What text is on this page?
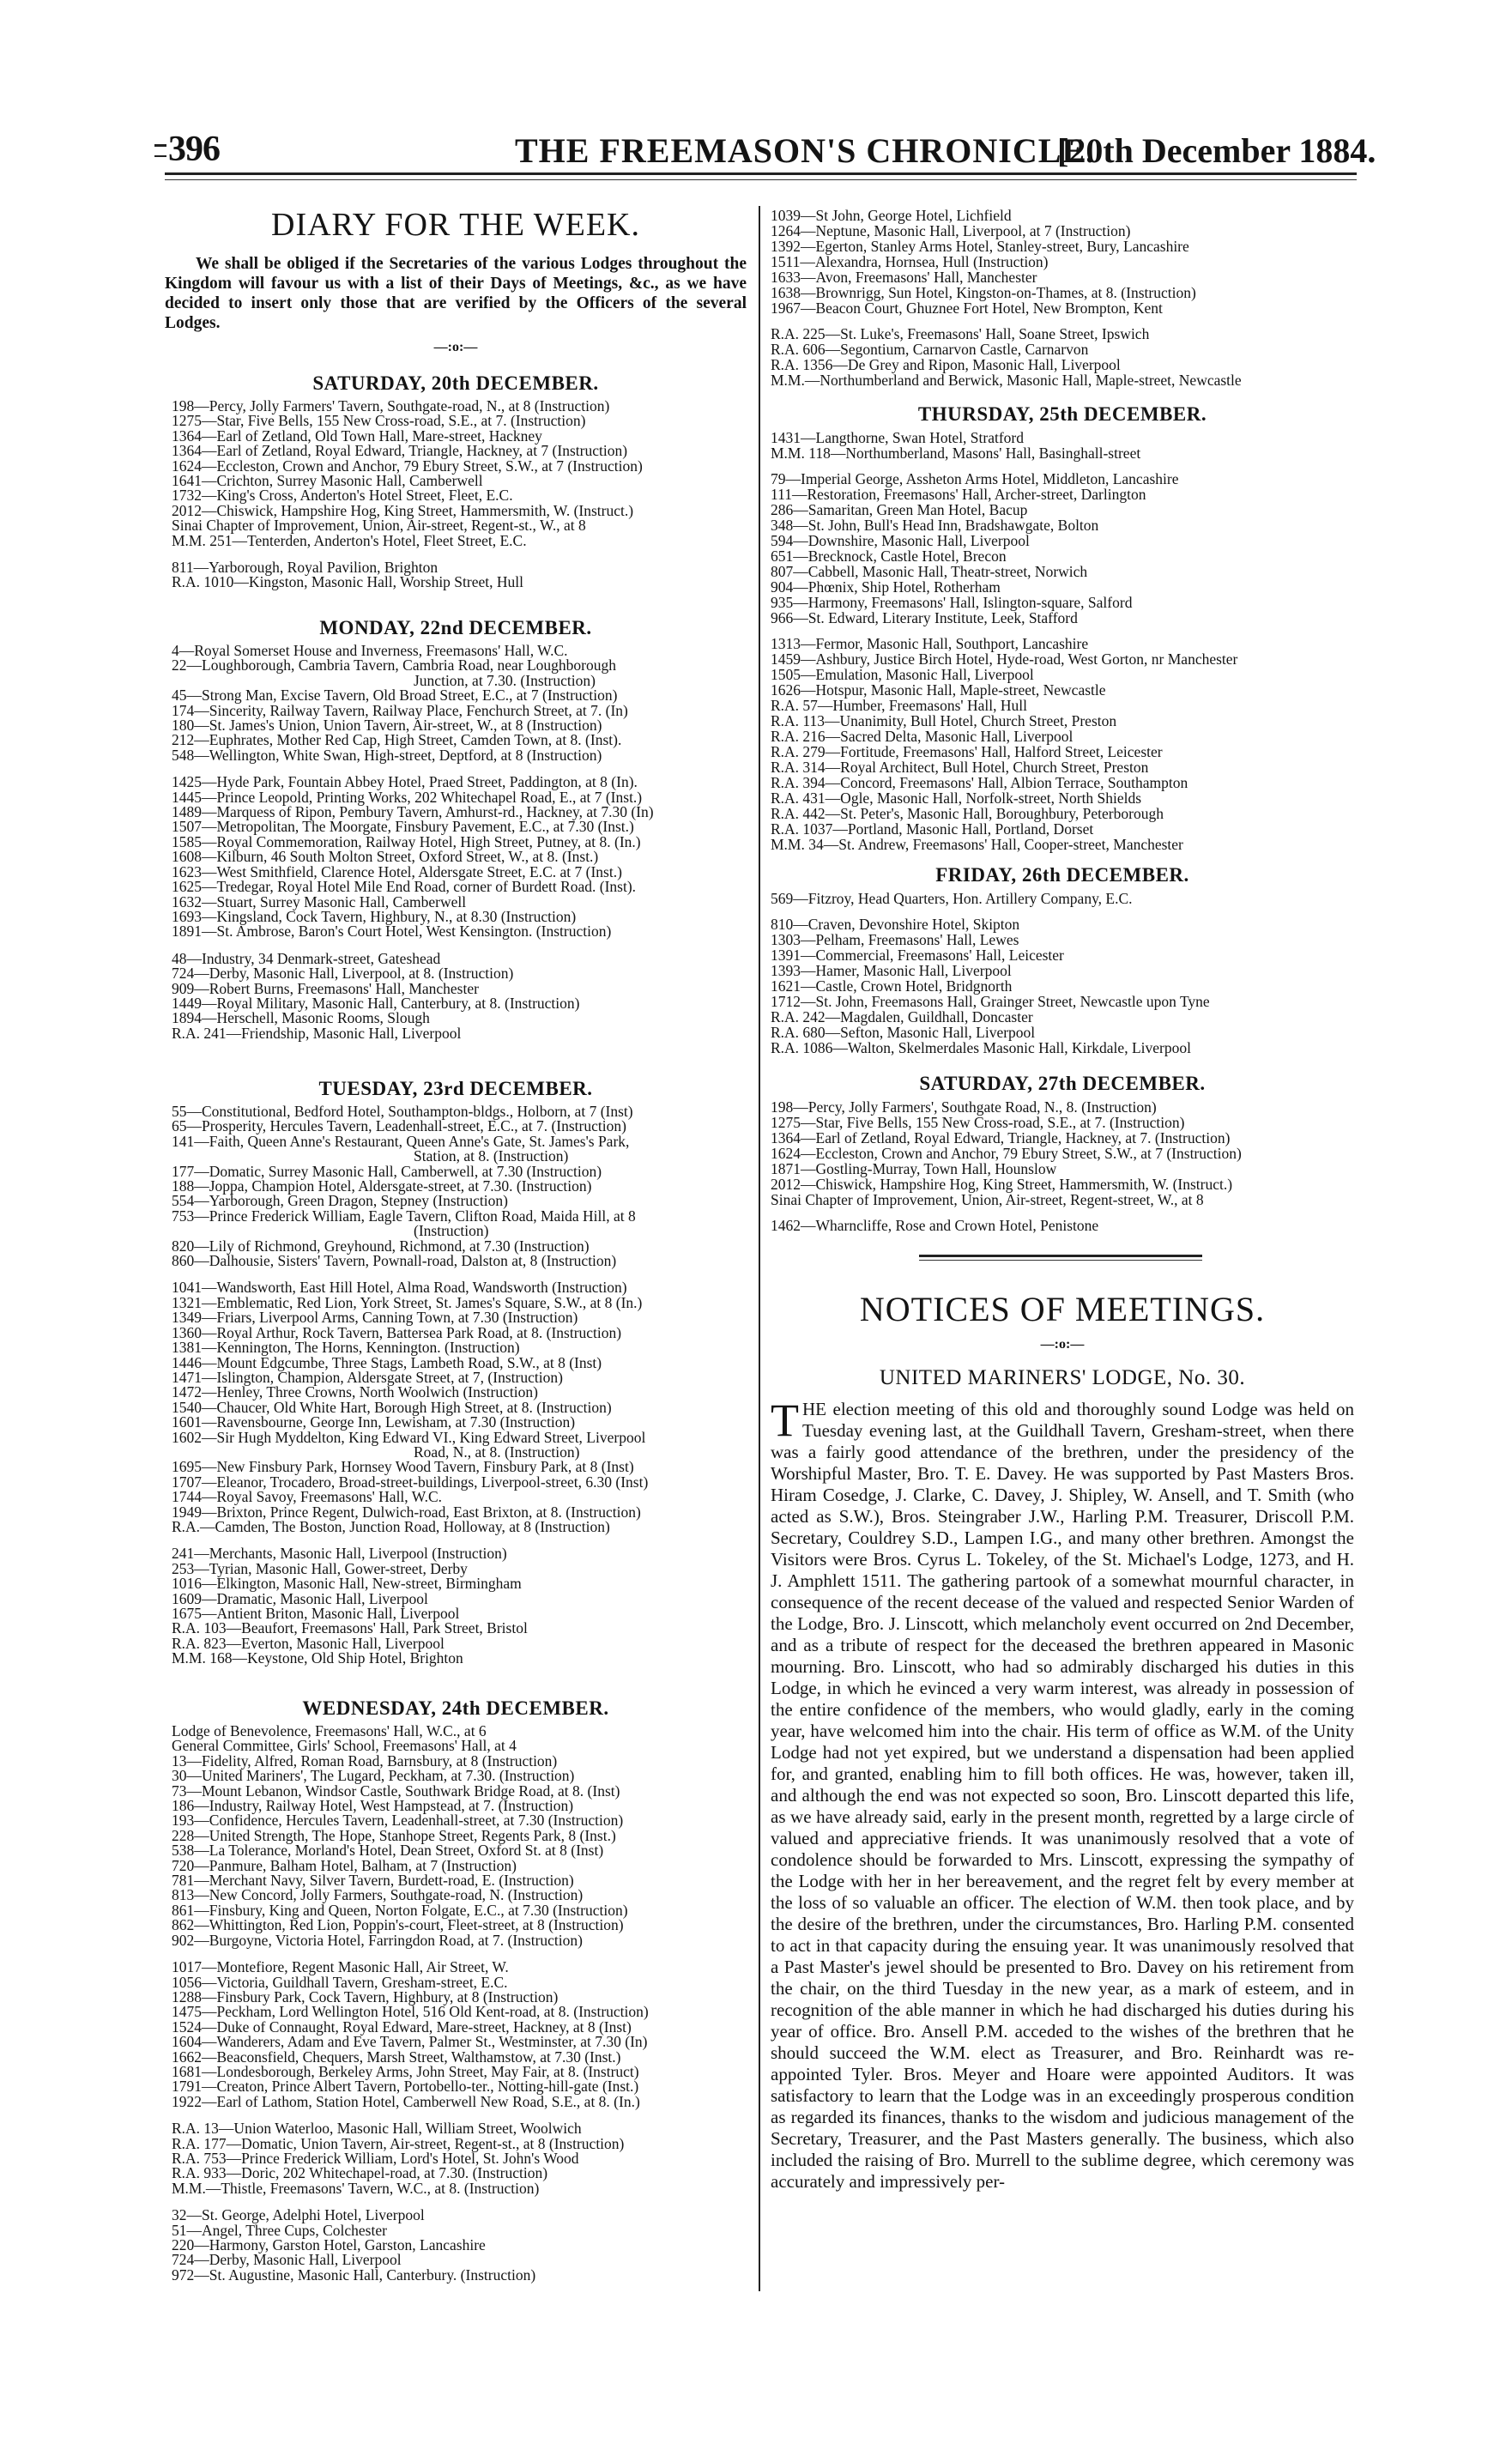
396	THE FREEMASON'S CHRONICLE.
[20th December 1884.
DIARY FOR THE WEEK.
We shall be obliged if the Secretaries of the various Lodges throughout the Kingdom will favour us with a list of their Days of Meetings, &c., as we have decided to insert only those that are verified by the Officers of the several Lodges.
—:o:—
SATURDAY, 20th DECEMBER.
198—Percy, Jolly Farmers' Tavern, Southgate-road, N., at 8 (Instruction)
1275—Star, Five Bells, 155 New Cross-road, S.E., at 7. (Instruction)
1364—Earl of Zetland, Old Town Hall, Mare-street, Hackney
1364—Earl of Zetland, Royal Edward, Triangle, Hackney, at 7 (Instruction)
1624—Eccleston, Crown and Anchor, 79 Ebury Street, S.W., at 7 (Instruction)
1641—Crichton, Surrey Masonic Hall, Camberwell
1732—King's Cross, Anderton's Hotel Street, Fleet, E.C.
2012—Chiswick, Hampshire Hog, King Street, Hammersmith, W. (Instruct.)
Sinai Chapter of Improvement, Union, Air-street, Regent-st., W., at 8
M.M. 251—Tenterden, Anderton's Hotel, Fleet Street, E.C.
811—Yarborough, Royal Pavilion, Brighton
R.A. 1010—Kingston, Masonic Hall, Worship Street, Hull
MONDAY, 22nd DECEMBER.
4—Royal Somerset House and Inverness, Freemasons' Hall, W.C.
22—Loughborough, Cambria Tavern, Cambria Road, near Loughborough
Junction, at 7.30. (Instruction)
45—Strong Man, Excise Tavern, Old Broad Street, E.C., at 7 (Instruction)
174—Sincerity, Railway Tavern, Railway Place, Fenchurch Street, at 7. (In)
180—St. James's Union, Union Tavern, Air-street, W., at 8 (Instruction)
212—Euphrates, Mother Red Cap, High Street, Camden Town, at 8. (Inst).
548—Wellington, White Swan, High-street, Deptford, at 8 (Instruction)
1425—Hyde Park, Fountain Abbey Hotel, Praed Street, Paddington, at 8 (In).
1445—Prince Leopold, Printing Works, 202 Whitechapel Road, E., at 7 (Inst.)
1489—Marquess of Ripon, Pembury Tavern, Amhurst-rd., Hackney, at 7.30 (In)
1507—Metropolitan, The Moorgate, Finsbury Pavement, E.C., at 7.30 (Inst.)
1585—Royal Commemoration, Railway Hotel, High Street, Putney, at 8. (In.)
1608—Kilburn, 46 South Molton Street, Oxford Street, W., at 8. (Inst.)
1623—West Smithfield, Clarence Hotel, Aldersgate Street, E.C. at 7 (Inst.)
1625—Tredegar, Royal Hotel Mile End Road, corner of Burdett Road. (Inst).
1632—Stuart, Surrey Masonic Hall, Camberwell
1693—Kingsland, Cock Tavern, Highbury, N., at 8.30 (Instruction)
1891—St. Ambrose, Baron's Court Hotel, West Kensington. (Instruction)
48—Industry, 34 Denmark-street, Gateshead
724—Derby, Masonic Hall, Liverpool, at 8. (Instruction)
909—Robert Burns, Freemasons' Hall, Manchester
1449—Royal Military, Masonic Hall, Canterbury, at 8. (Instruction)
1894—Herschell, Masonic Rooms, Slough
R.A. 241—Friendship, Masonic Hall, Liverpool
TUESDAY, 23rd DECEMBER.
55—Constitutional, Bedford Hotel, Southampton-bldgs., Holborn, at 7 (Inst)
65—Prosperity, Hercules Tavern, Leadenhall-street, E.C., at 7. (Instruction)
141—Faith, Queen Anne's Restaurant, Queen Anne's Gate, St. James's Park,
Station, at 8. (Instruction)
177—Domatic, Surrey Masonic Hall, Camberwell, at 7.30 (Instruction)
188—Joppa, Champion Hotel, Aldersgate-street, at 7.30. (Instruction)
554—Yarborough, Green Dragon, Stepney (Instruction)
753—Prince Frederick William, Eagle Tavern, Clifton Road, Maida Hill, at 8
(Instruction)
820—Lily of Richmond, Greyhound, Richmond, at 7.30 (Instruction)
860—Dalhousie, Sisters' Tavern, Pownall-road, Dalston at, 8 (Instruction)
1041—Wandsworth, East Hill Hotel, Alma Road, Wandsworth (Instruction)
1321—Emblematic, Red Lion, York Street, St. James's Square, S.W., at 8 (In.)
1349—Friars, Liverpool Arms, Canning Town, at 7.30 (Instruction)
1360—Royal Arthur, Rock Tavern, Battersea Park Road, at 8. (Instruction)
1381—Kennington, The Horns, Kennington. (Instruction)
1446—Mount Edgcumbe, Three Stags, Lambeth Road, S.W., at 8 (Inst)
1471—Islington, Champion, Aldersgate Street, at 7, (Instruction)
1472—Henley, Three Crowns, North Woolwich (Instruction)
1540—Chaucer, Old White Hart, Borough High Street, at 8. (Instruction)
1601—Ravensbourne, George Inn, Lewisham, at 7.30 (Instruction)
1602—Sir Hugh Myddelton, King Edward VI., King Edward Street, Liverpool
Road, N., at 8. (Instruction)
1695—New Finsbury Park, Hornsey Wood Tavern, Finsbury Park, at 8 (Inst)
1707—Eleanor, Trocadero, Broad-street-buildings, Liverpool-street, 6.30 (Inst)
1744—Royal Savoy, Freemasons' Hall, W.C.
1949—Brixton, Prince Regent, Dulwich-road, East Brixton, at 8. (Instruction)
R.A.—Camden, The Boston, Junction Road, Holloway, at 8 (Instruction)
241—Merchants, Masonic Hall, Liverpool (Instruction)
253—Tyrian, Masonic Hall, Gower-street, Derby
1016—Elkington, Masonic Hall, New-street, Birmingham
1609—Dramatic, Masonic Hall, Liverpool
1675—Antient Briton, Masonic Hall, Liverpool
R.A. 103—Beaufort, Freemasons' Hall, Park Street, Bristol
R.A. 823—Everton, Masonic Hall, Liverpool
M.M. 168—Keystone, Old Ship Hotel, Brighton
WEDNESDAY, 24th DECEMBER.
Lodge of Benevolence, Freemasons' Hall, W.C., at 6
General Committee, Girls' School, Freemasons' Hall, at 4
13—Fidelity, Alfred, Roman Road, Barnsbury, at 8 (Instruction)
30—United Mariners', The Lugard, Peckham, at 7.30. (Instruction)
73—Mount Lebanon, Windsor Castle, Southwark Bridge Road, at 8. (Inst)
186—Industry, Railway Hotel, West Hampstead, at 7. (Instruction)
193—Confidence, Hercules Tavern, Leadenhall-street, at 7.30 (Instruction)
228—United Strength, The Hope, Stanhope Street, Regents Park, 8 (Inst.)
538—La Tolerance, Morland's Hotel, Dean Street, Oxford St. at 8 (Inst)
720—Panmure, Balham Hotel, Balham, at 7 (Instruction)
781—Merchant Navy, Silver Tavern, Burdett-road, E. (Instruction)
813—New Concord, Jolly Farmers, Southgate-road, N. (Instruction)
861—Finsbury, King and Queen, Norton Folgate, E.C., at 7.30 (Instruction)
862—Whittington, Red Lion, Poppin's-court, Fleet-street, at 8 (Instruction)
902—Burgoyne, Victoria Hotel, Farringdon Road, at 7. (Instruction)
1017—Montefiore, Regent Masonic Hall, Air Street, W.
1056—Victoria, Guildhall Tavern, Gresham-street, E.C.
1288—Finsbury Park, Cock Tavern, Highbury, at 8 (Instruction)
1475—Peckham, Lord Wellington Hotel, 516 Old Kent-road, at 8. (Instruction)
1524—Duke of Connaught, Royal Edward, Mare-street, Hackney, at 8 (Inst)
1604—Wanderers, Adam and Eve Tavern, Palmer St., Westminster, at 7.30 (In)
1662—Beaconsfield, Chequers, Marsh Street, Walthamstow, at 7.30 (Inst.)
1681—Londesborough, Berkeley Arms, John Street, May Fair, at 8. (Instruct)
1791—Creaton, Prince Albert Tavern, Portobello-ter., Notting-hill-gate (Inst.)
1922—Earl of Lathom, Station Hotel, Camberwell New Road, S.E., at 8. (In.)
R.A. 13—Union Waterloo, Masonic Hall, William Street, Woolwich
R.A. 177—Domatic, Union Tavern, Air-street, Regent-st., at 8 (Instruction)
R.A. 753—Prince Frederick William, Lord's Hotel, St. John's Wood
R.A. 933—Doric, 202 Whitechapel-road, at 7.30. (Instruction)
M.M.—Thistle, Freemasons' Tavern, W.C., at 8. (Instruction)
32—St. George, Adelphi Hotel, Liverpool
51—Angel, Three Cups, Colchester
220—Harmony, Garston Hotel, Garston, Lancashire
724—Derby, Masonic Hall, Liverpool
972—St. Augustine, Masonic Hall, Canterbury. (Instruction)
1039—St John, George Hotel, Lichfield
1264—Neptune, Masonic Hall, Liverpool, at 7 (Instruction)
1392—Egerton, Stanley Arms Hotel, Stanley-street, Bury, Lancashire
1511—Alexandra, Hornsea, Hull (Instruction)
1633—Avon, Freemasons' Hall, Manchester
1638—Brownrigg, Sun Hotel, Kingston-on-Thames, at 8. (Instruction)
1967—Beacon Court, Ghuznee Fort Hotel, New Brompton, Kent
R.A. 225—St. Luke's, Freemasons' Hall, Soane Street, Ipswich
R.A. 606—Segontium, Carnarvon Castle, Carnarvon
R.A. 1356—De Grey and Ripon, Masonic Hall, Liverpool
M.M.—Northumberland and Berwick, Masonic Hall, Maple-street, Newcastle
THURSDAY, 25th DECEMBER.
1431—Langthorne, Swan Hotel, Stratford
M.M. 118—Northumberland, Masons' Hall, Basinghall-street
79—Imperial George, Assheton Arms Hotel, Middleton, Lancashire
111—Restoration, Freemasons' Hall, Archer-street, Darlington
286—Samaritan, Green Man Hotel, Bacup
348—St. John, Bull's Head Inn, Bradshawgate, Bolton
594—Downshire, Masonic Hall, Liverpool
651—Brecknock, Castle Hotel, Brecon
807—Cabbell, Masonic Hall, Theatr-street, Norwich
904—Phœnix, Ship Hotel, Rotherham
935—Harmony, Freemasons' Hall, Islington-square, Salford
966—St. Edward, Literary Institute, Leek, Stafford
1313—Fermor, Masonic Hall, Southport, Lancashire
1459—Ashbury, Justice Birch Hotel, Hyde-road, West Gorton, nr Manchester
1505—Emulation, Masonic Hall, Liverpool
1626—Hotspur, Masonic Hall, Maple-street, Newcastle
R.A. 57—Humber, Freemasons' Hall, Hull
R.A. 113—Unanimity, Bull Hotel, Church Street, Preston
R.A. 216—Sacred Delta, Masonic Hall, Liverpool
R.A. 279—Fortitude, Freemasons' Hall, Halford Street, Leicester
R.A. 314—Royal Architect, Bull Hotel, Church Street, Preston
R.A. 394—Concord, Freemasons' Hall, Albion Terrace, Southampton
R.A. 431—Ogle, Masonic Hall, Norfolk-street, North Shields
R.A. 442—St. Peter's, Masonic Hall, Boroughbury, Peterborough
R.A. 1037—Portland, Masonic Hall, Portland, Dorset
M.M. 34—St. Andrew, Freemasons' Hall, Cooper-street, Manchester
FRIDAY, 26th DECEMBER.
569—Fitzroy, Head Quarters, Hon. Artillery Company, E.C.
810—Craven, Devonshire Hotel, Skipton
1303—Pelham, Freemasons' Hall, Lewes
1391—Commercial, Freemasons' Hall, Leicester
1393—Hamer, Masonic Hall, Liverpool
1621—Castle, Crown Hotel, Bridgnorth
1712—St. John, Freemasons Hall, Grainger Street, Newcastle upon Tyne
R.A. 242—Magdalen, Guildhall, Doncaster
R.A. 680—Sefton, Masonic Hall, Liverpool
R.A. 1086—Walton, Skelmerdales Masonic Hall, Kirkdale, Liverpool
SATURDAY, 27th DECEMBER.
198—Percy, Jolly Farmers', Southgate Road, N., 8. (Instruction)
1275—Star, Five Bells, 155 New Cross-road, S.E., at 7. (Instruction)
1364—Earl of Zetland, Royal Edward, Triangle, Hackney, at 7. (Instruction)
1624—Eccleston, Crown and Anchor, 79 Ebury Street, S.W., at 7 (Instruction)
1871—Gostling-Murray, Town Hall, Hounslow
2012—Chiswick, Hampshire Hog, King Street, Hammersmith, W. (Instruct.)
Sinai Chapter of Improvement, Union, Air-street, Regent-street, W., at 8
1462—Wharncliffe, Rose and Crown Hotel, Penistone
NOTICES OF MEETINGS.
—:o:—
UNITED MARINERS' LODGE, No. 30.
THE election meeting of this old and thoroughly sound Lodge was held on Tuesday evening last, at the Guildhall Tavern, Gresham-street, when there was a fairly good attendance of the brethren, under the presidency of the Worshipful Master, Bro. T. E. Davey. He was supported by Past Masters Bros. Hiram Cosedge, J. Clarke, C. Davey, J. Shipley, W. Ansell, and T. Smith (who acted as S.W.), Bros. Steingraber J.W., Harling P.M. Treasurer, Driscoll P.M. Secretary, Couldrey S.D., Lampen I.G., and many other brethren. Amongst the Visitors were Bros. Cyrus L. Tokeley, of the St. Michael's Lodge, 1273, and H. J. Amphlett 1511. The gathering partook of a somewhat mournful character, in consequence of the recent decease of the valued and respected Senior Warden of the Lodge, Bro. J. Linscott, which melancholy event occurred on 2nd December, and as a tribute of respect for the deceased the brethren appeared in Masonic mourning. Bro. Linscott, who had so admirably discharged his duties in this Lodge, in which he evinced a very warm interest, was already in possession of the entire confidence of the members, who would gladly, early in the coming year, have welcomed him into the chair. His term of office as W.M. of the Unity Lodge had not yet expired, but we understand a dispensation had been applied for, and granted, enabling him to fill both offices. He was, however, taken ill, and although the end was not expected so soon, Bro. Linscott departed this life, as we have already said, early in the present month, regretted by a large circle of valued and appreciative friends. It was unanimously resolved that a vote of condolence should be forwarded to Mrs. Linscott, expressing the sympathy of the Lodge with her in her bereavement, and the regret felt by every member at the loss of so valuable an officer. The election of W.M. then took place, and by the desire of the brethren, under the circumstances, Bro. Harling P.M. consented to act in that capacity during the ensuing year. It was unanimously resolved that a Past Master's jewel should be presented to Bro. Davey on his retirement from the chair, on the third Tuesday in the new year, as a mark of esteem, and in recognition of the able manner in which he had discharged his duties during his year of office. Bro. Ansell P.M. acceded to the wishes of the brethren that he should succeed the W.M. elect as Treasurer, and Bro. Reinhardt was re-appointed Tyler. Bros. Meyer and Hoare were appointed Auditors. It was satisfactory to learn that the Lodge was in an exceedingly prosperous condition as regarded its finances, thanks to the wisdom and judicious management of the Secretary, Treasurer, and the Past Masters generally. The business, which also included the raising of Bro. Murrell to the sublime degree, which ceremony was accurately and impressively per-
